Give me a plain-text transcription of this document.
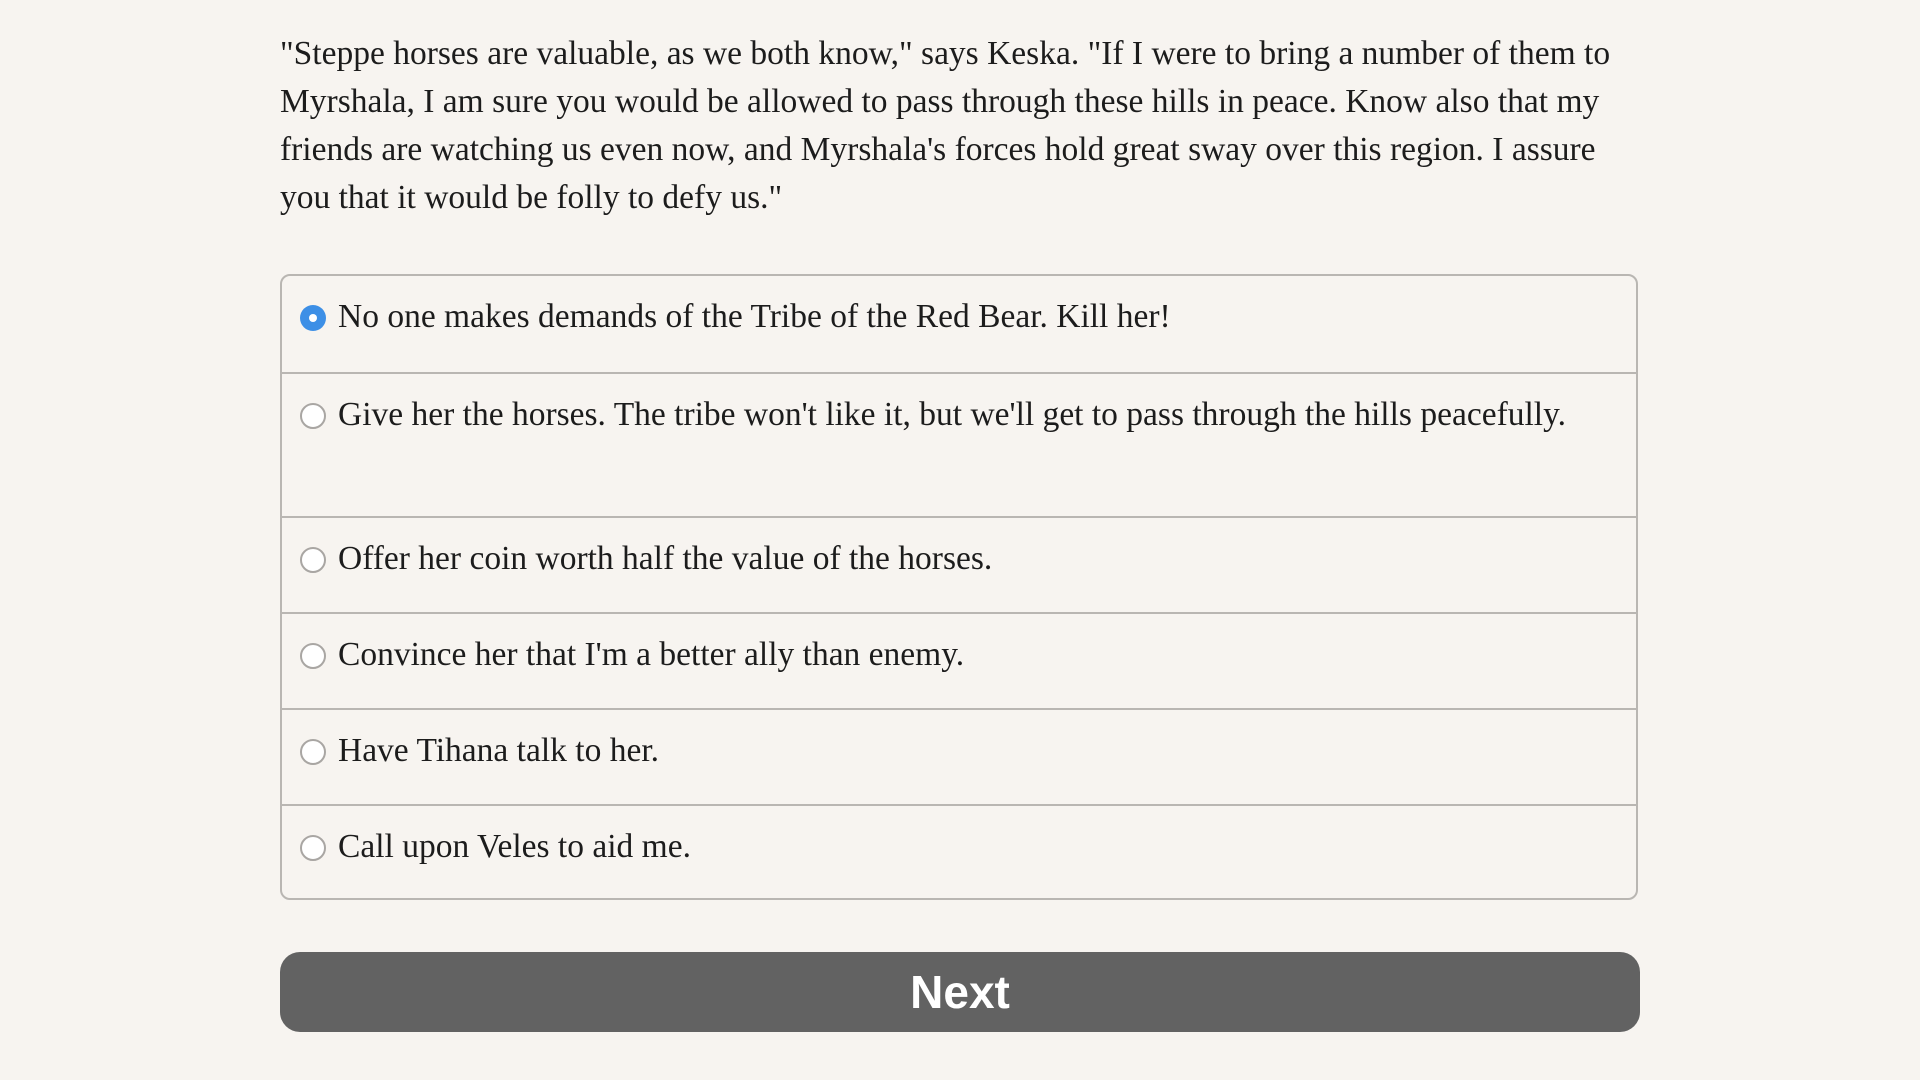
"Steppe horses are valuable, as we both know," says Keska. "If I were to bring a number of them to Myrshala, I am sure you would be allowed to pass through these hills in peace. Know also that my friends are watching us even now, and Myrshala's forces hold great sway over this region. I assure you that it would be folly to defy us."

No one makes demands of the Tribe of the Red Bear. Kill her!
Give her the horses. The tribe won't like it, but we'll get to pass through the hills peacefully.
Offer her coin worth half the value of the horses.
Convince her that I'm a better ally than enemy.
Have Tihana talk to her.
Call upon Veles to aid me.
Next
